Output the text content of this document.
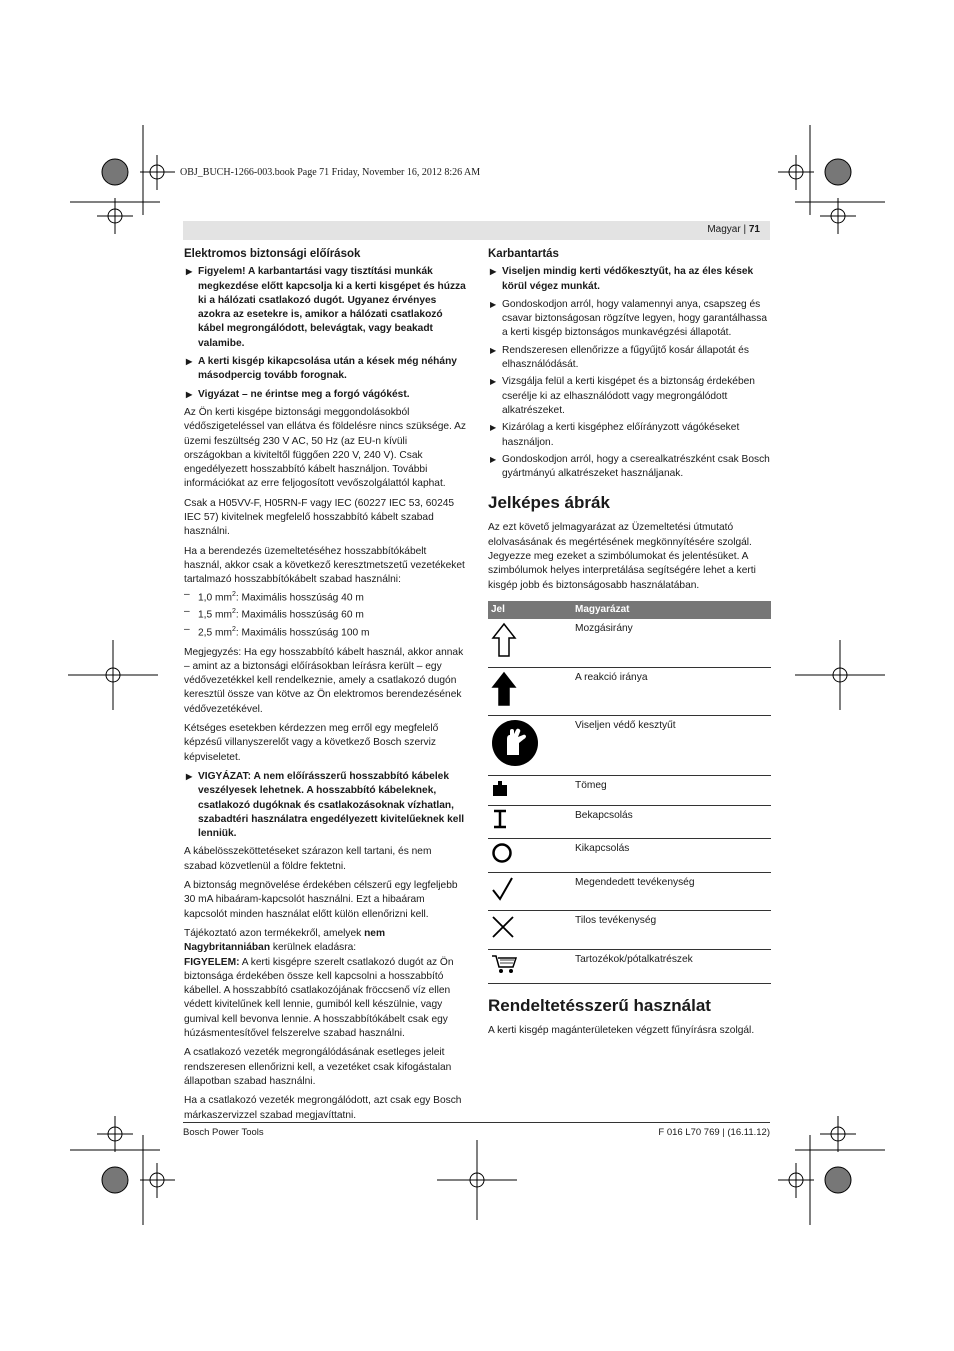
OBJ_BUCH-1266-003.book Page 71 Friday, November 16, 2012 8:26 AM
Magyar | 71
Elektromos biztonsági előírások
▶ Figyelem! A karbantartási vagy tisztítási munkák megkezdése előtt kapcsolja ki a kerti kisgépet és húzza ki a hálózati csatlakozó dugót. Ugyanez érvényes azokra az esetekre is, amikor a hálózati csatlakozó kábel megrongálódott, belevágtak, vagy beakadt valamibe.
▶ A kerti kisgép kikapcsolása után a kések még néhány másodpercig tovább forognak.
▶ Vigyázat – ne érintse meg a forgó vágókést.

Az Ön kerti kisgépe biztonsági meggondolásokból védőszigeteléssel van ellátva és földelésre nincs szüksége. Az üzemi feszültség 230 V AC, 50 Hz (az EU-n kívüli országokban a kiviteltől függően 220 V, 240 V). Csak engedélyezett hosszabbító kábelt használjon. További információkat az erre feljogosított vevőszolgálattól kaphat.

Csak a H05VV-F, H05RN-F vagy IEC (60227 IEC 53, 60245 IEC 57) kivitelnek megfelelő hosszabbító kábelt szabad használni.

Ha a berendezés üzemeltetéséhez hosszabbítókábelt használ, akkor csak a következő keresztmetszetű vezetékeket tartalmazó hosszabbítókábelt szabad használni:

– 1,0 $mm^2$: Maximális hosszúság 40 m

– 1,5 $mm^2$: Maximális hosszúság 60 m

– 2,5 $mm^2$: Maximális hosszúság 100 m

Megjegyzés: Ha egy hosszabbító kábelt használ, akkor annak – amint az a biztonsági előírásokban leírásra került – egy védővezetékkel kell rendelkeznie, amely a csatlakozó dugón keresztül össze van kötve az Ön elektromos berendezésének védővezetékével.

Kétséges esetekben kérdezzen meg erről egy megfelelő képzésű villanyszerelőt vagy a következő Bosch szerviz képviseletet.

▶ VIGYÁZAT: A nem előírásszerű hosszabbító kábelek veszélyesek lehetnek. A hosszabbító kábeleknek, csatlakozó dugóknak és csatlakozásoknak vízhatlan, szabadtéri használatra engedélyezett kivitelűeknek kell lenniük.

A kábelösszeköttetéseket szárazon kell tartani, és nem szabad közvetlenül a földre fektetni.

A biztonság megnövelése érdekében célszerű egy legfeljebb 30 mA hibaáram-kapcsolót használni. Ezt a hibaáram kapcsolót minden használat előtt külön ellenőrizni kell.

Tájékoztató azon termékekről, amelyek nem Nagybritanniában kerülnek eladásra:

FIGYELEM: A kerti kisgépre szerelt csatlakozó dugót az Ön biztonsága érdekében össze kell kapcsolni a hosszabbító kábellel. A hosszabbító csatlakozójának fröccsenő víz ellen védett kivitelűnek kell lennie, gumiból kell készülnie, vagy gumival kell bevonva lennie. A hosszabbítókábelt csak egy húzásmentesítővel felszerelve szabad használni.

A csatlakozó vezeték megrongálódásának esetleges jeleit rendszeresen ellenőrizni kell, a vezetéket csak kifogástalan állapotban szabad használni.

Ha a csatlakozó vezeték megrongálódott, azt csak egy Bosch márkaszervizzel szabad megjavíttatni.

Karbantartás
▶ Viseljen mindig kerti védőkesztyűt, ha az éles kések körül végez munkát.
▶ Gondoskodjon arról, hogy valamennyi anya, csapszeg és csavar biztonságosan rögzítve legyen, hogy garantálhassa a kerti kisgép biztonságos munkavégzési állapotát.
▶ Rendszeresen ellenőrizze a fűgyűjtő kosár állapotát és elhasználódását.
▶ Vizsgálja felül a kerti kisgépet és a biztonság érdekében cserélje ki az elhasználódott vagy megrongálódott alkatrészeket.
▶ Kizárólag a kerti kisgéphez előírányzott vágókéseket használjon.
▶ Gondoskodjon arról, hogy a cserealkatrészként csak Bosch gyártmányú alkatrészeket használjanak.
Jelképes ábrák

Az ezt követő jelmagyarázat az Üzemeltetési útmutató elolvasásának és megértésének megkönnyítésére szolgál. Jegyezze meg ezeket a szimbólumokat és jelentésüket. A szimbólumok helyes interpretálása segítségére lehet a kerti kisgép jobb és biztonságosabb használatában.

Jel	Magyarázat
	Mozgásirány
	A reakció iránya
	Viseljen védő kesztyűt
	Tömeg
	Bekapcsolás
	Kikapcsolás
	Megendedett tevékenység
	Tilos tevékenység
	Tartozékok/pótalkatrészek
Rendeltetésszerű használat

A kerti kisgép magánterületeken végzett fűnyírásra szolgál.

Bosch Power Tools	F 016 L70 769 | (16.11.12)
